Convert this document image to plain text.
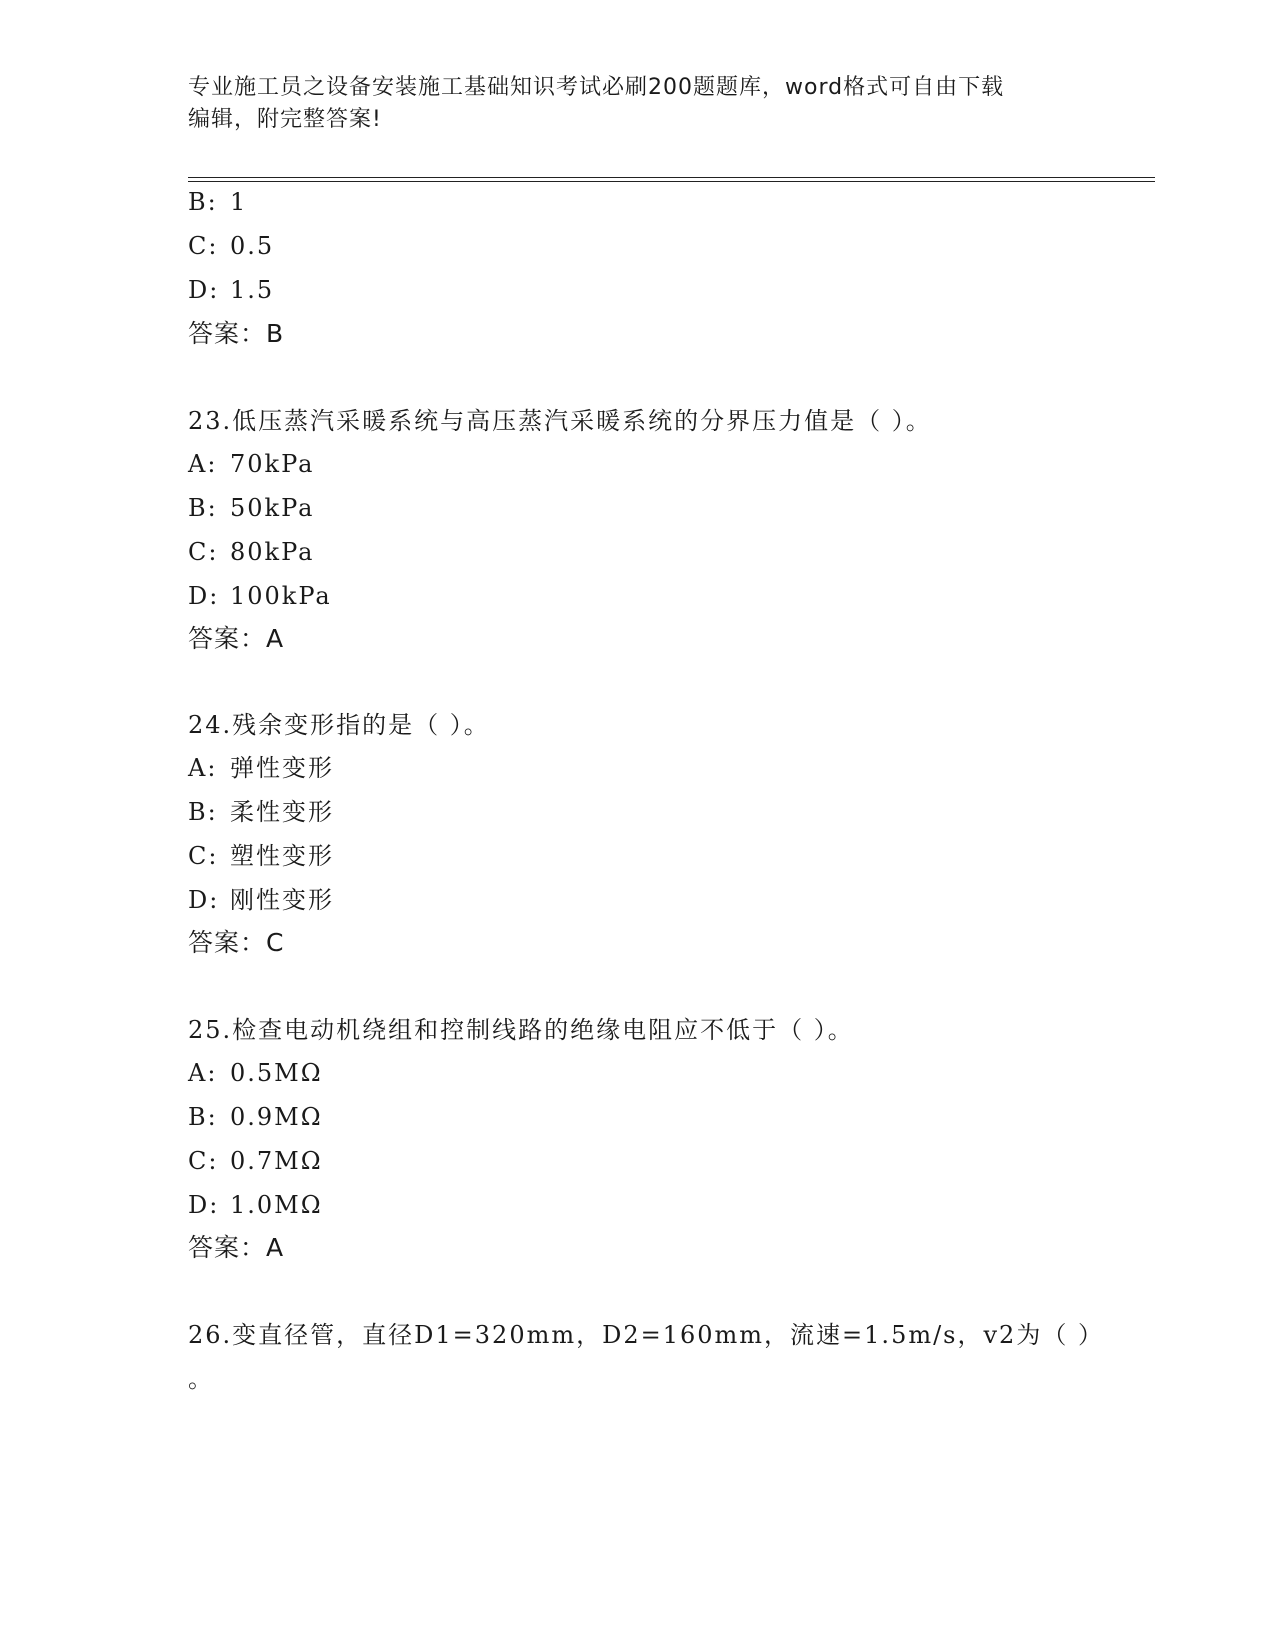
专业施工员之设备安装施工基础知识考试必刷200题题库，word格式可自由下载
编辑，附完整答案!
B: 1
C: 0.5
D: 1.5
答案：B
23.低压蒸汽采暖系统与高压蒸汽采暖系统的分界压力值是（ ）。
A: 70kPa
B: 50kPa
C: 80kPa
D: 100kPa
答案：A
24.残余变形指的是（ ）。
A: 弹性变形
B: 柔性变形
C: 塑性变形
D: 刚性变形
答案：C
25.检查电动机绕组和控制线路的绝缘电阻应不低于（ ）。
A: 0.5MΩ
B: 0.9MΩ
C: 0.7MΩ
D: 1.0MΩ
答案：A
26.变直径管，直径D1=320mm，D2=160mm，流速=1.5m/s，v2为（ ）
。
